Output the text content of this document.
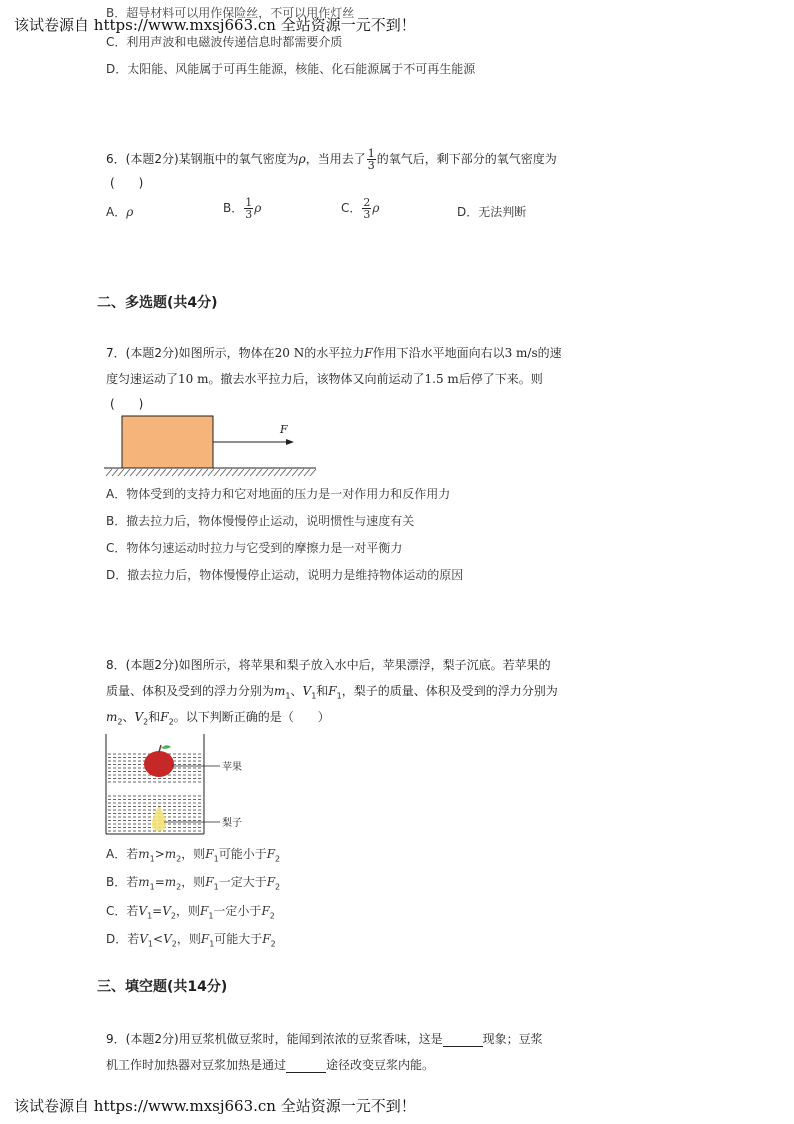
该试卷源自 https://www.mxsj663.cn 全站资源一元不到！
B．超导材料可以用作保险丝，不可以用作灯丝
C．利用声波和电磁波传递信息时都需要介质
D．太阳能、风能属于可再生能源，核能、化石能源属于不可再生能源
6．(本题2分)某钢瓶中的氧气密度为ρ，当用去了 $\frac{1}{3}$ 的氧气后，剩下部分的氧气密度为
(　　)
A．ρ	B． $\frac{1}{3}$ ρ	C． $\frac{2}{3}$ ρ	D．无法判断
二、多选题(共4分)
7．(本题2分)如图所示，物体在20 N的水平拉力F作用下沿水平地面向右以3 m/s的速
度匀速运动了10 m。撤去水平拉力后，该物体又向前运动了1.5 m后停了下来。则
(　　)
F
A．物体受到的支持力和它对地面的压力是一对作用力和反作用力
B．撤去拉力后，物体慢慢停止运动，说明惯性与速度有关
C．物体匀速运动时拉力与它受到的摩擦力是一对平衡力
D．撤去拉力后，物体慢慢停止运动，说明力是维持物体运动的原因
8．(本题2分)如图所示，将苹果和梨子放入水中后，苹果漂浮，梨子沉底。若苹果的
质量、体积及受到的浮力分别为$m_1$、$V_1$和$F_1$，梨子的质量、体积及受到的浮力分别为
$m_2$、$V_2$和$F_2$。以下判断正确的是（　　）
苹果
梨子
A．若$m_1>m_2$，则$F_1$可能小于$F_2$
B．若$m_1=m_2$，则$F_1$一定大于$F_2$
C．若$V_1=V_2$，则$F_1$一定小于$F_2$
D．若$V_1<V_2$，则$F_1$可能大于$F_2$
三、填空题(共14分)
9．(本题2分)用豆浆机做豆浆时，能闻到浓浓的豆浆香味，这是	现象；豆浆
机工作时加热器对豆浆加热是通过	途径改变豆浆内能。
该试卷源自 https://www.mxsj663.cn 全站资源一元不到！
